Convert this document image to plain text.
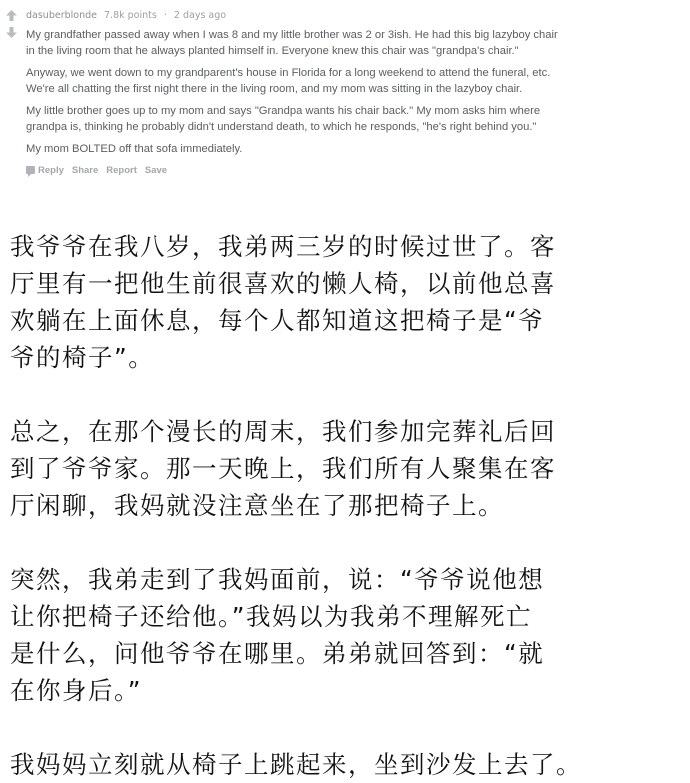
dasuberblonde 7.8k points · 2 days ago

My grandfather passed away when I was 8 and my little brother was 2 or 3ish. He had this big lazyboy chair
in the living room that he always planted himself in. Everyone knew this chair was "grandpa's chair."

Anyway, we went down to my grandparent's house in Florida for a long weekend to attend the funeral, etc.
We're all chatting the first night there in the living room, and my mom was sitting in the lazyboy chair.

My little brother goes up to my mom and says "Grandpa wants his chair back." My mom asks him where
grandpa is, thinking he probably didn't understand death, to which he responds, "he's right behind you."

My mom BOLTED off that sofa immediately.

Reply Share Report Save

我爷爷在我八岁，我弟两三岁的时候过世了。客
厅里有一把他生前很喜欢的懒人椅，以前他总喜
欢躺在上面休息，每个人都知道这把椅子是“爷
爷的椅子”。

总之，在那个漫长的周末，我们参加完葬礼后回
到了爷爷家。那一天晚上，我们所有人聚集在客
厅闲聊，我妈就没注意坐在了那把椅子上。

突然，我弟走到了我妈面前，说：“爷爷说他想
让你把椅子还给他。”我妈以为我弟不理解死亡
是什么，问他爷爷在哪里。弟弟就回答到：“就
在你身后。”

我妈妈立刻就从椅子上跳起来，坐到沙发上去了。
